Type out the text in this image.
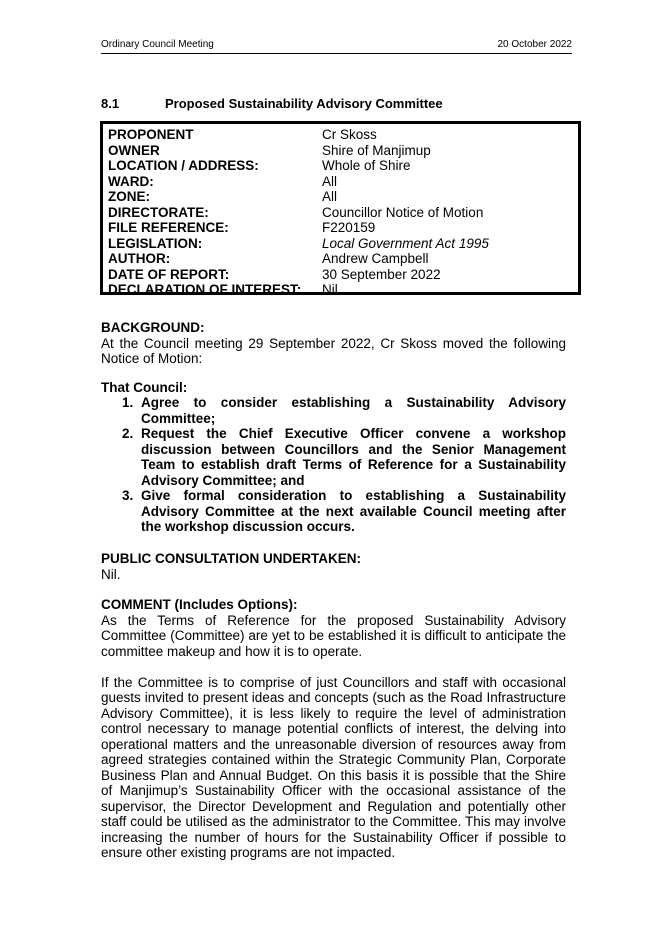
Ordinary Council Meeting	20 October 2022
8.1	Proposed Sustainability Advisory Committee
PROPONENT	Cr Skoss
OWNER	Shire of Manjimup
LOCATION / ADDRESS:	Whole of Shire
WARD:	All
ZONE:	All
DIRECTORATE:	Councillor Notice of Motion
FILE REFERENCE:	F220159
LEGISLATION:	Local Government Act 1995
AUTHOR:	Andrew Campbell
DATE OF REPORT:	30 September 2022
DECLARATION OF INTEREST: Nil
BACKGROUND:
At the Council meeting 29 September 2022, Cr Skoss moved the following Notice of Motion:
That Council:
1. Agree to consider establishing a Sustainability Advisory Committee;
2. Request the Chief Executive Officer convene a workshop discussion between Councillors and the Senior Management Team to establish draft Terms of Reference for a Sustainability Advisory Committee; and
3. Give formal consideration to establishing a Sustainability Advisory Committee at the next available Council meeting after the workshop discussion occurs.
PUBLIC CONSULTATION UNDERTAKEN:
Nil.
COMMENT (Includes Options):
As the Terms of Reference for the proposed Sustainability Advisory Committee (Committee) are yet to be established it is difficult to anticipate the committee makeup and how it is to operate.
If the Committee is to comprise of just Councillors and staff with occasional guests invited to present ideas and concepts (such as the Road Infrastructure Advisory Committee), it is less likely to require the level of administration control necessary to manage potential conflicts of interest, the delving into operational matters and the unreasonable diversion of resources away from agreed strategies contained within the Strategic Community Plan, Corporate Business Plan and Annual Budget. On this basis it is possible that the Shire of Manjimup’s Sustainability Officer with the occasional assistance of the supervisor, the Director Development and Regulation and potentially other staff could be utilised as the administrator to the Committee. This may involve increasing the number of hours for the Sustainability Officer if possible to ensure other existing programs are not impacted.
